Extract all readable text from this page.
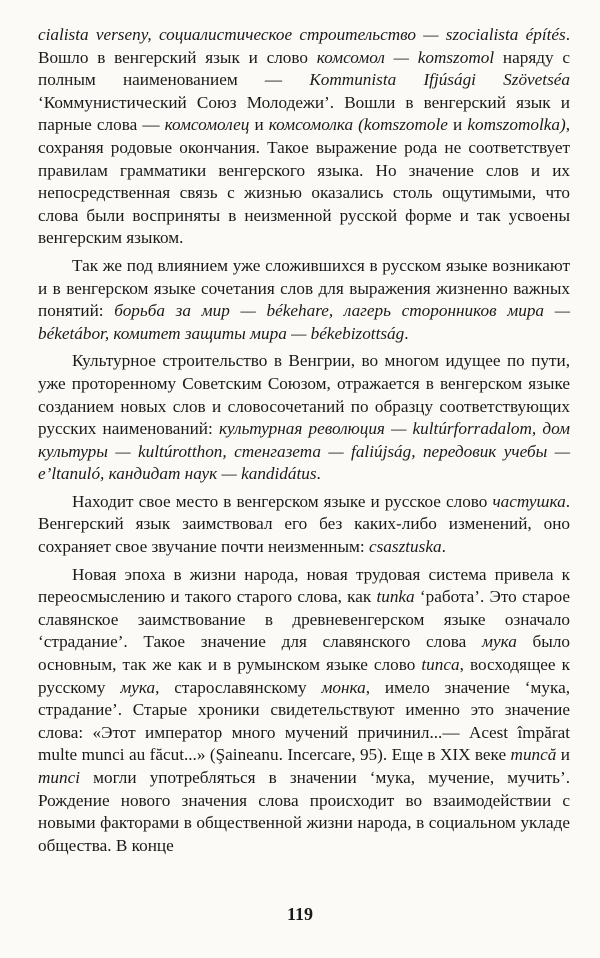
cialista verseny, социалистическое строительство — szocialista építés. Вошло в венгерский язык и слово комсомол — komszomol наряду с полным наименованием — Kommunista Ifjúsági Szövetséa ‘Коммунистический Союз Молодежи’. Вошли в венгерский язык и парные слова — комсомолец и комсомолка (komszomole и komszomolka), сохраняя родовые окончания. Такое выражение рода не соответствует правилам грамматики венгерского языка. Но значение слов и их непосредственная связь с жизнью оказались столь ощутимыми, что слова были восприняты в неизменной русской форме и так усвоены венгерским языком.

Так же под влиянием уже сложившихся в русском языке возникают и в венгерском языке сочетания слов для выражения жизненно важных понятий: борьба за мир — békehare, лагерь сторонников мира — béketábor, комитет защиты мира — békebizottság.

Культурное строительство в Венгрии, во многом идущее по пути, уже проторенному Советским Союзом, отражается в венгерском языке созданием новых слов и словосочетаний по образцу соответствующих русских наименований: культурная революция — kultúrforradalom, дом культуры — kultúrotthon, стенгазета — faliújság, передовик учебы — e’ltanuló, кандидат наук — kandidátus.

Находит свое место в венгерском языке и русское слово частушка. Венгерский язык заимствовал его без каких-либо изменений, оно сохраняет свое звучание почти неизменным: csasztuska.

Новая эпоха в жизни народа, новая трудовая система привела к переосмыслению и такого старого слова, как tunka ‘работа’. Это старое славянское заимствование в древневенгерском языке означало ‘страдание’. Такое значение для славянского слова мука было основным, так же как и в румынском языке слово tunca, восходящее к русскому мука, старославянскому монка, имело значение ‘мука, страдание’. Старые хроники свидетельствуют именно это значение слова: «Этот император много мучений причинил...— Acest împărat multe munci au făcut...» (Şaineanu. Incercare, 95). Еще в XIX веке muncă и munci могли употребляться в значении ‘мука, мучение, мучить’. Рождение нового значения слова происходит во взаимодействии с новыми факторами в общественной жизни народа, в социальном укладе общества. В конце

119
